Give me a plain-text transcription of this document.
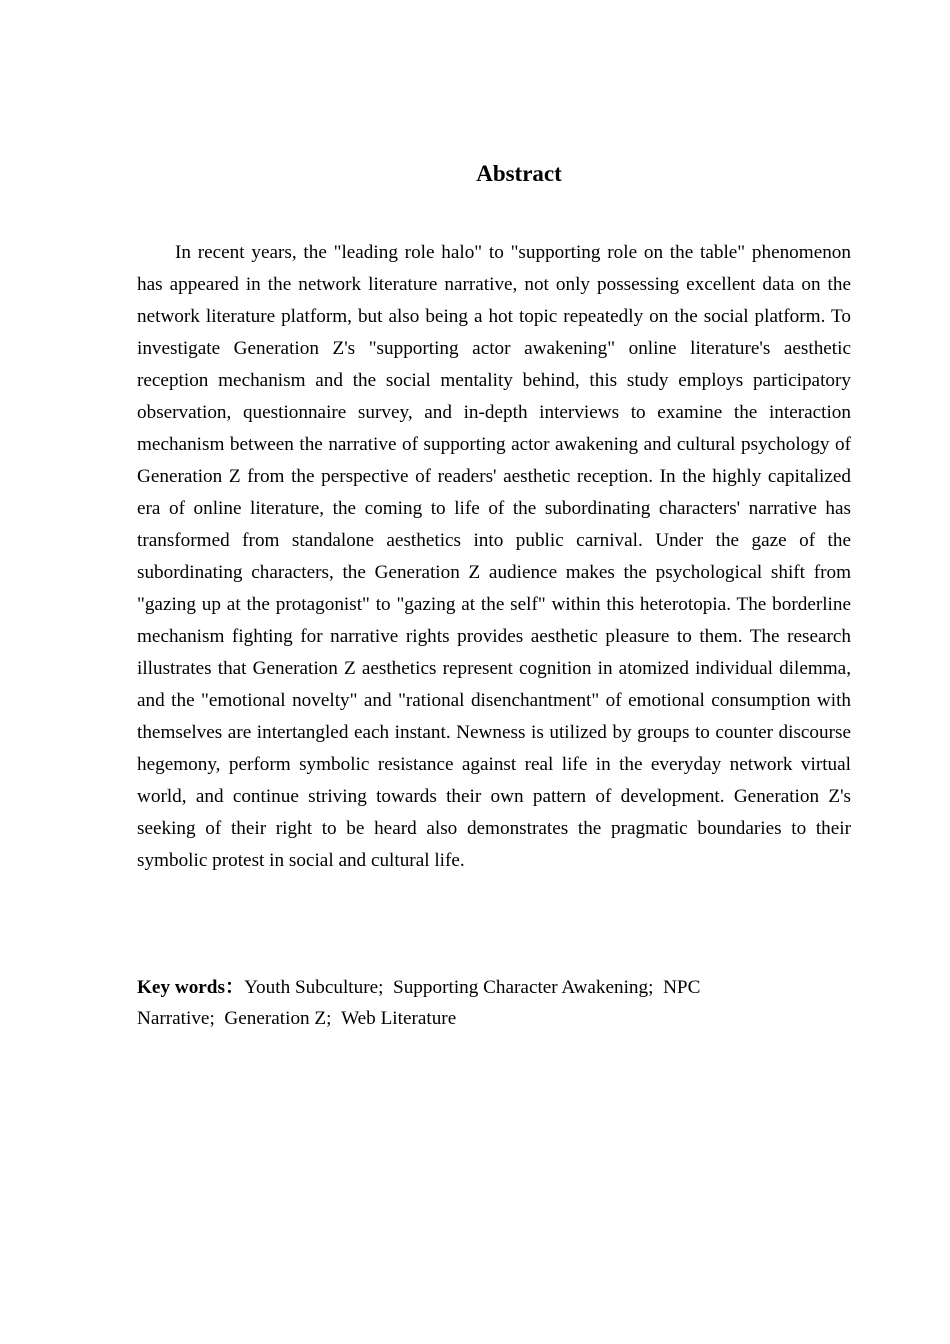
Abstract

In recent years, the "leading role halo" to "supporting role on the table" phenomenon has appeared in the network literature narrative, not only possessing excellent data on the network literature platform, but also being a hot topic repeatedly on the social platform. To investigate Generation Z's "supporting actor awakening" online literature's aesthetic reception mechanism and the social mentality behind, this study employs participatory observation, questionnaire survey, and in-depth interviews to examine the interaction mechanism between the narrative of supporting actor awakening and cultural psychology of Generation Z from the perspective of readers' aesthetic reception. In the highly capitalized era of online literature, the coming to life of the subordinating characters' narrative has transformed from standalone aesthetics into public carnival. Under the gaze of the subordinating characters, the Generation Z audience makes the psychological shift from "gazing up at the protagonist" to "gazing at the self" within this heterotopia. The borderline mechanism fighting for narrative rights provides aesthetic pleasure to them. The research illustrates that Generation Z aesthetics represent cognition in atomized individual dilemma, and the "emotional novelty" and "rational disenchantment" of emotional consumption with themselves are intertangled each instant. Newness is utilized by groups to counter discourse hegemony, perform symbolic resistance against real life in the everyday network virtual world, and continue striving towards their own pattern of development. Generation Z's seeking of their right to be heard also demonstrates the pragmatic boundaries to their symbolic protest in social and cultural life.

Key words：Youth Subculture ;  Supporting Character Awakening ;  NPC Narrative ;  Generation Z ;  Web Literature
